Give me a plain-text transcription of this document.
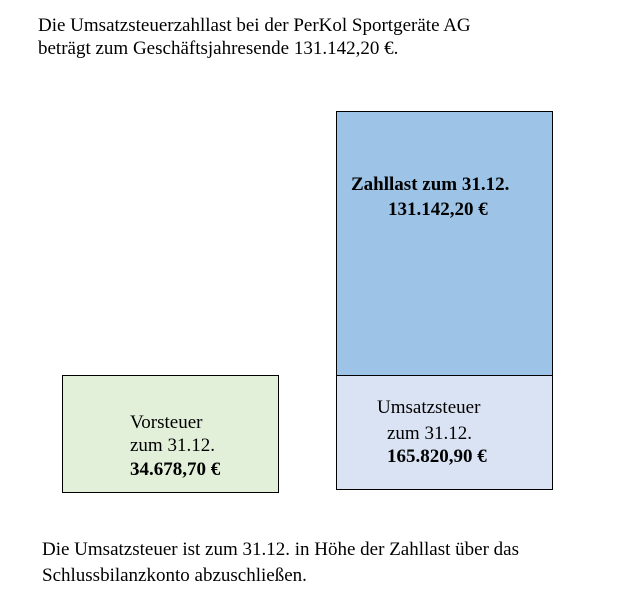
Die Umsatzsteuerzahllast bei der PerKol Sportgeräte AG
beträgt zum Geschäftsjahresende 131.142,20 €.
Zahllast zum 31.12.
131.142,20 €
Vorsteuer
zum 31.12.
34.678,70 €
Umsatzsteuer
zum 31.12.
165.820,90 €
Die Umsatzsteuer ist zum 31.12. in Höhe der Zahllast über das
Schlussbilanzkonto abzuschließen.
